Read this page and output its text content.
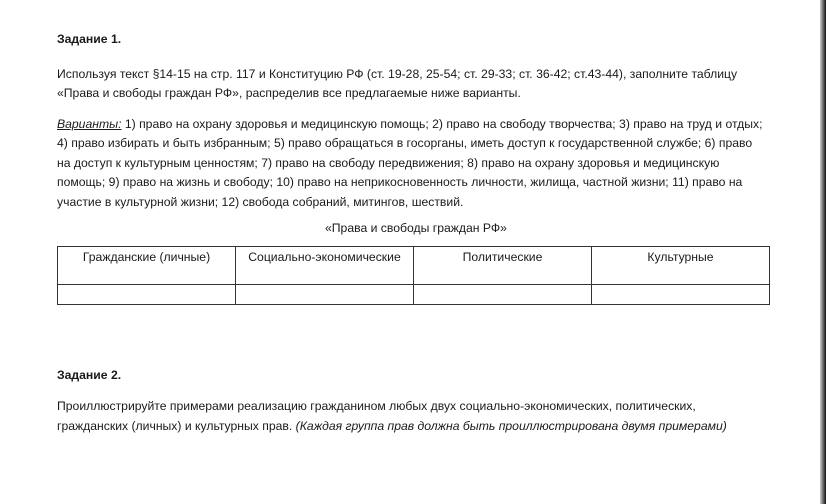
Задание 1.

Используя текст §14-15 на стр. 117 и Конституцию РФ (ст. 19-28, 25-54; ст. 29-33; ст. 36-42; ст.43-44), заполните таблицу «Права и свободы граждан РФ», распределив все предлагаемые ниже варианты.

Варианты: 1) право на охрану здоровья и медицинскую помощь; 2) право на свободу творчества; 3) право на труд и отдых; 4) право избирать и быть избранным; 5) право обращаться в госорганы, иметь доступ к государственной службе; 6) право на доступ к культурным ценностям; 7) право на свободу передвижения; 8) право на охрану здоровья и медицинскую помощь; 9) право на жизнь и свободу; 10) право на неприкосновенность личности, жилища, частной жизни; 11) право на участие в культурной жизни; 12) свобода собраний, митингов, шествий.

«Права и свободы граждан РФ»

Гражданские (личные)	Социально-экономические	Политические	Культурные

Задание 2.

Проиллюстрируйте примерами реализацию гражданином любых двух социально-экономических, политических, гражданских (личных) и культурных прав. (Каждая группа прав должна быть проиллюстрирована двумя примерами)
